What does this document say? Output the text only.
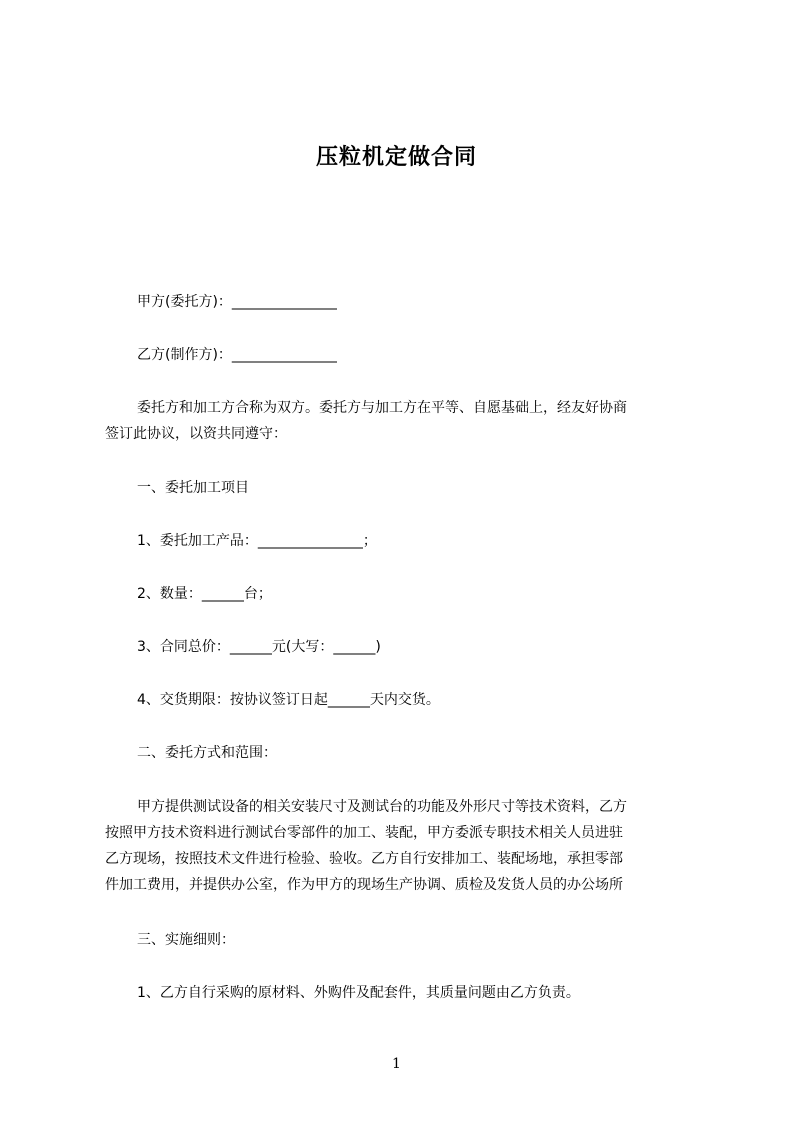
压粒机定做合同
甲方(委托方)：_______________
乙方(制作方)：_______________
委托方和加工方合称为双方。委托方与加工方在平等、自愿基础上，经友好协商
签订此协议，以资共同遵守：
一、委托加工项目
1、委托加工产品：_______________；
2、数量：______台；
3、合同总价：______元(大写：______)
4、交货期限：按协议签订日起______天内交货。
二、委托方式和范围：
甲方提供测试设备的相关安装尺寸及测试台的功能及外形尺寸等技术资料，乙方
按照甲方技术资料进行测试台零部件的加工、装配，甲方委派专职技术相关人员进驻
乙方现场，按照技术文件进行检验、验收。乙方自行安排加工、装配场地，承担零部
件加工费用，并提供办公室，作为甲方的现场生产协调、质检及发货人员的办公场所
三、实施细则：
1、乙方自行采购的原材料、外购件及配套件，其质量问题由乙方负责。
1
